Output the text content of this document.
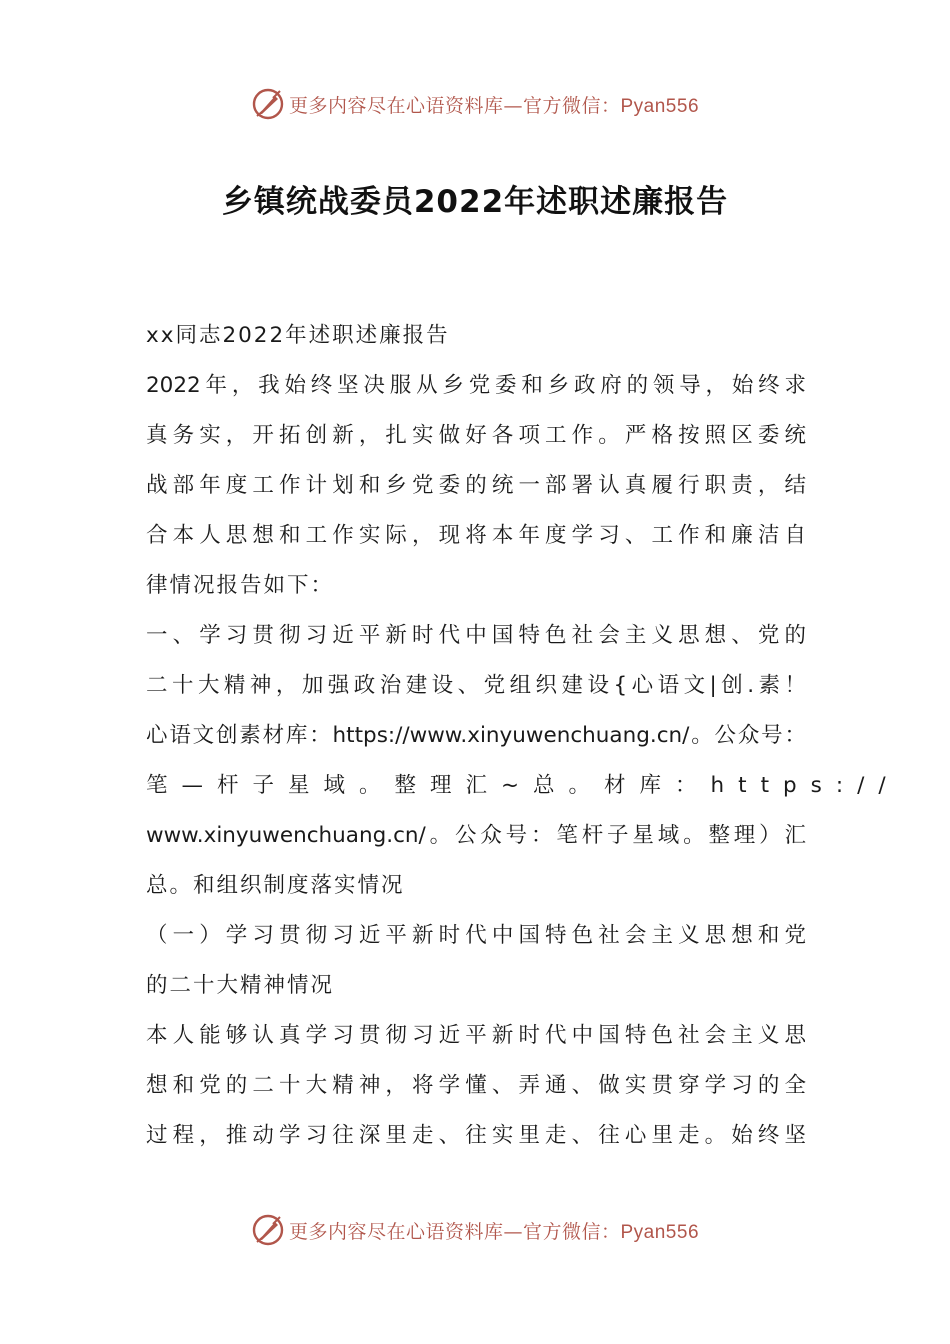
更多内容尽在心语资料库—官方微信：Pyan556
乡镇统战委员2022年述职述廉报告
xx同志2022年述职述廉报告
2022年，我始终坚决服从乡党委和乡政府的领导，始终求
真务实，开拓创新，扎实做好各项工作。严格按照区委统
战部年度工作计划和乡党委的统一部署认真履行职责，结
合本人思想和工作实际，现将本年度学习、工作和廉洁自
律情况报告如下：
一、学习贯彻习近平新时代中国特色社会主义思想、党的
二十大精神，加强政治建设、党组织建设{心语文|创.素！
心语文创素材库：https://www.xinyuwenchuang.cn/。公众号：
笔—杆子星域。整理汇~总。材库：https://
www.xinyuwenchuang.cn/。公众号：笔杆子星域。整理）汇
总。和组织制度落实情况
（一）学习贯彻习近平新时代中国特色社会主义思想和党
的二十大精神情况
本人能够认真学习贯彻习近平新时代中国特色社会主义思
想和党的二十大精神，将学懂、弄通、做实贯穿学习的全
过程，推动学习往深里走、往实里走、往心里走。始终坚
更多内容尽在心语资料库—官方微信：Pyan556
